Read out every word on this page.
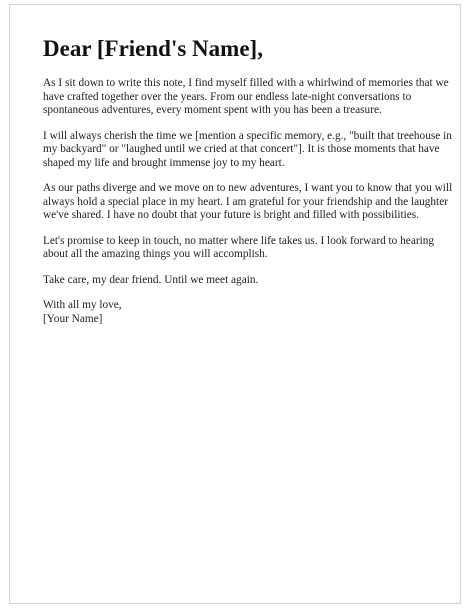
Dear [Friend's Name],

As I sit down to write this note, I find myself filled with a whirlwind of memories that we have crafted together over the years. From our endless late-night conversations to spontaneous adventures, every moment spent with you has been a treasure.

I will always cherish the time we [mention a specific memory, e.g., "built that treehouse in my backyard" or "laughed until we cried at that concert"]. It is those moments that have shaped my life and brought immense joy to my heart.

As our paths diverge and we move on to new adventures, I want you to know that you will always hold a special place in my heart. I am grateful for your friendship and the laughter we've shared. I have no doubt that your future is bright and filled with possibilities.

Let's promise to keep in touch, no matter where life takes us. I look forward to hearing about all the amazing things you will accomplish.

Take care, my dear friend. Until we meet again.

With all my love,
[Your Name]
